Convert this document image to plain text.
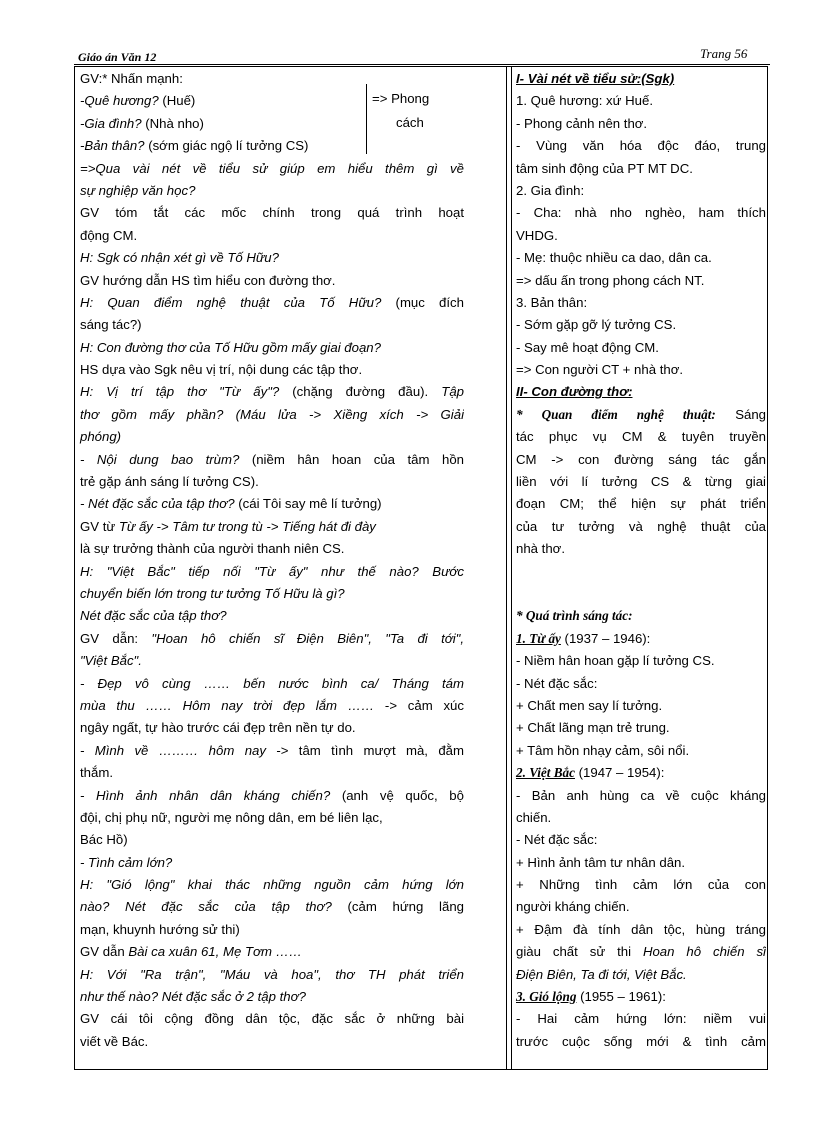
Giáo án Văn 12	Trang 56
=> Phong
cách
GV:* Nhấn mạnh:
-Quê hương? (Huế)
-Gia đình? (Nhà nho)
-Bản thân? (sớm giác ngộ lí tưởng CS)
=>Qua vài nét về tiểu sử giúp em hiểu thêm gì về
sự nghiệp văn học?
GV tóm tắt các mốc chính trong quá trình hoạt
động CM.
H: Sgk có nhận xét gì về Tố Hữu?
GV hướng dẫn HS tìm hiểu con đường thơ.
H: Quan điểm nghệ thuật của Tố Hữu? (mục đích
sáng tác?)
H: Con đường thơ của Tố Hữu gồm mấy giai đoạn?
HS dựa vào Sgk nêu vị trí, nội dung các tập thơ.
H: Vị trí tập thơ "Từ ấy"? (chặng đường đầu). Tập
thơ gồm mấy phần? (Máu lửa -> Xiềng xích -> Giải
phóng)
- Nội dung bao trùm? (niềm hân hoan của tâm hồn
trẻ gặp ánh sáng lí tưởng CS).
- Nét đặc sắc của tập thơ? (cái Tôi say mê lí tưởng)
GV từ Từ ấy -> Tâm tư trong tù -> Tiếng hát đi đày
là sự trưởng thành của người thanh niên CS.
H: "Việt Bắc" tiếp nối "Từ ấy" như thế nào? Bước
chuyển biến lớn trong tư tưởng Tố Hữu là gì?
Nét đặc sắc của tập thơ?
GV dẫn: "Hoan hô chiến sĩ Điện Biên", "Ta đi tới",
"Việt Bắc".
- Đẹp vô cùng …… bến nước bình ca/ Tháng tám
mùa thu …… Hôm nay trời đẹp lắm …… -> cảm xúc
ngây ngất, tự hào trước cái đẹp trên nền tự do.
- Mình về ……… hôm nay -> tâm tình mượt mà, đằm
thắm.
- Hình ảnh nhân dân kháng chiến? (anh vệ quốc, bộ
đội, chị phụ nữ, người mẹ nông dân, em bé liên lạc,
Bác Hồ)
- Tình cảm lớn?
H: "Gió lộng" khai thác những nguồn cảm hứng lớn
nào? Nét đặc sắc của tập thơ? (cảm hứng lãng
mạn, khuynh hướng sử thi)
GV dẫn Bài ca xuân 61, Mẹ Tơm ……
H: Với "Ra trận", "Máu và hoa", thơ TH phát triển
như thế nào? Nét đặc sắc ở 2 tập thơ?
GV cái tôi cộng đồng dân tộc, đặc sắc ở những bài
viết về Bác.
I- Vài nét về tiểu sử:(Sgk)
1. Quê hương: xứ Huế.
- Phong cảnh nên thơ.
- Vùng văn hóa độc đáo, trung
tâm sinh động của PT MT DC.
2. Gia đình:
- Cha: nhà nho nghèo, ham thích
VHDG.
- Mẹ: thuộc nhiều ca dao, dân ca.
=> dấu ấn trong phong cách NT.
3. Bản thân:
- Sớm gặp gỡ lý tưởng CS.
- Say mê hoạt động CM.
=> Con người CT + nhà thơ.
II- Con đường thơ:
* Quan điểm nghệ thuật: Sáng
tác phục vụ CM & tuyên truyền
CM -> con đường sáng tác gắn
liền với lí tưởng CS & từng giai
đoạn CM; thể hiện sự phát triển
của tư tưởng và nghệ thuật của
nhà thơ.
* Quá trình sáng tác:
1. Từ ấy (1937 – 1946):
- Niềm hân hoan gặp lí tưởng CS.
- Nét đặc sắc:
+ Chất men say lí tưởng.
+ Chất lãng mạn trẻ trung.
+ Tâm hồn nhạy cảm, sôi nổi.
2. Việt Bắc (1947 – 1954):
- Bản anh hùng ca về cuộc kháng
chiến.
- Nét đặc sắc:
+ Hình ảnh tâm tư nhân dân.
+ Những tình cảm lớn của con
người kháng chiến.
+ Đậm đà tính dân tộc, hùng tráng
giàu chất sử thi Hoan hô chiến sĩ
Điện Biên, Ta đi tới, Việt Bắc.
3. Gió lộng (1955 – 1961):
- Hai cảm hứng lớn: niềm vui
trước cuộc sống mới & tình cảm
